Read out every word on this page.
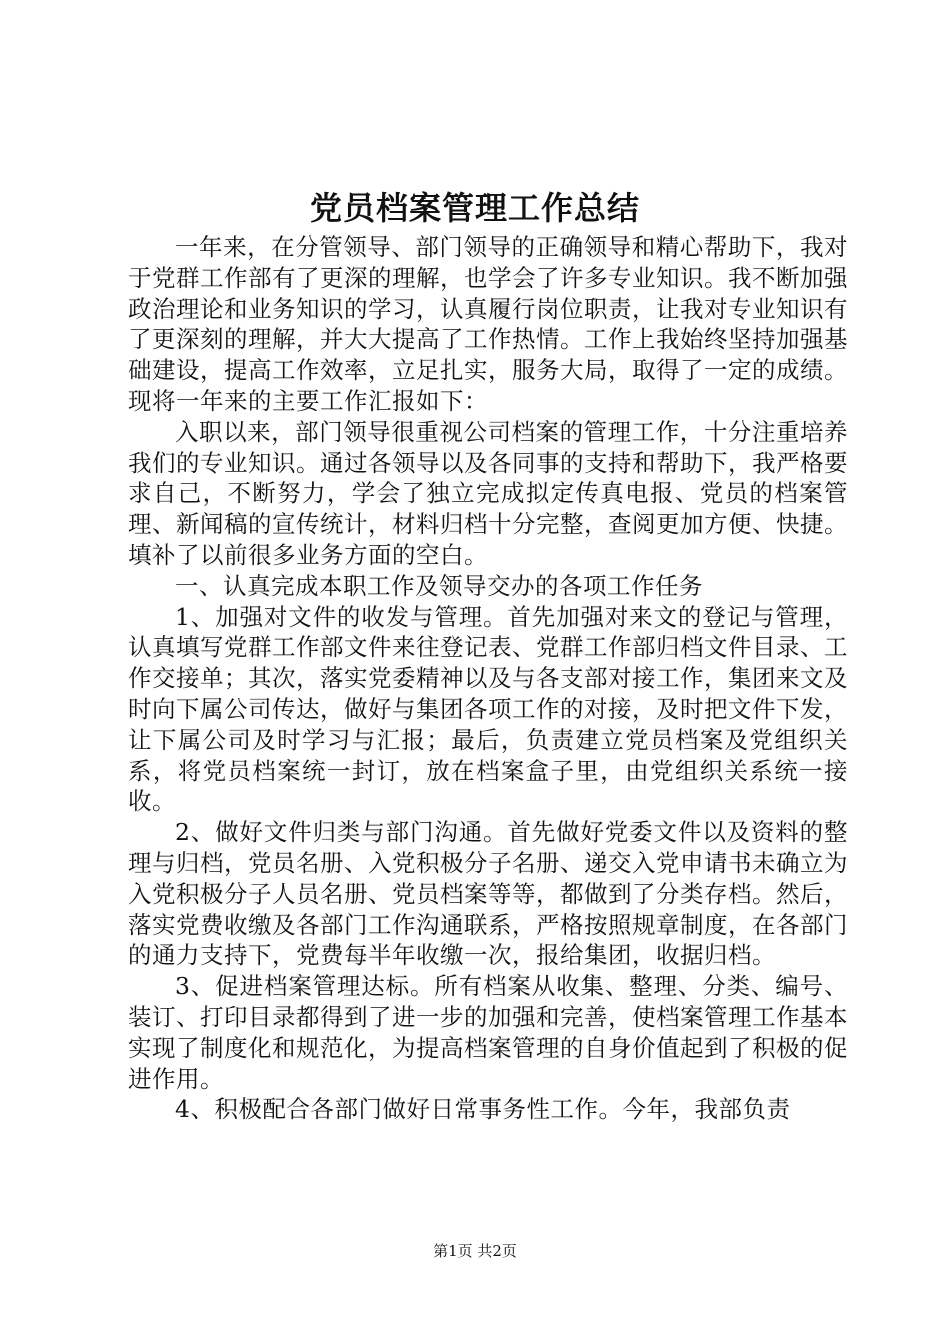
党员档案管理工作总结

一年来，在分管领导、部门领导的正确领导和精心帮助下，我对于党群工作部有了更深的理解，也学会了许多专业知识。我不断加强政治理论和业务知识的学习，认真履行岗位职责，让我对专业知识有了更深刻的理解，并大大提高了工作热情。工作上我始终坚持加强基础建设，提高工作效率，立足扎实，服务大局，取得了一定的成绩。现将一年来的主要工作汇报如下：

入职以来，部门领导很重视公司档案的管理工作，十分注重培养我们的专业知识。通过各领导以及各同事的支持和帮助下，我严格要求自己，不断努力，学会了独立完成拟定传真电报、党员的档案管理、新闻稿的宣传统计，材料归档十分完整，查阅更加方便、快捷。填补了以前很多业务方面的空白。

一、认真完成本职工作及领导交办的各项工作任务

1、加强对文件的收发与管理。首先加强对来文的登记与管理，认真填写党群工作部文件来往登记表、党群工作部归档文件目录、工作交接单；其次，落实党委精神以及与各支部对接工作，集团来文及时向下属公司传达，做好与集团各项工作的对接，及时把文件下发，让下属公司及时学习与汇报；最后，负责建立党员档案及党组织关系，将党员档案统一封订，放在档案盒子里，由党组织关系统一接收。

2、做好文件归类与部门沟通。首先做好党委文件以及资料的整理与归档，党员名册、入党积极分子名册、递交入党申请书未确立为入党积极分子人员名册、党员档案等等，都做到了分类存档。然后，落实党费收缴及各部门工作沟通联系，严格按照规章制度，在各部门的通力支持下，党费每半年收缴一次，报给集团，收据归档。

3、促进档案管理达标。所有档案从收集、整理、分类、编号、装订、打印目录都得到了进一步的加强和完善，使档案管理工作基本实现了制度化和规范化，为提高档案管理的自身价值起到了积极的促进作用。

4、积极配合各部门做好日常事务性工作。今年，我部负责

第1页 共2页
